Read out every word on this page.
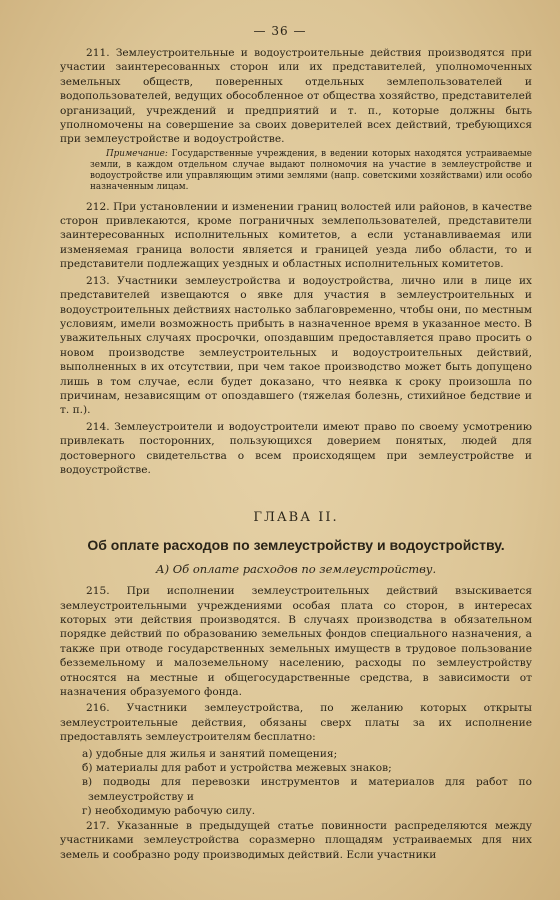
— 36 —

211. Землеустроительные и водоустроительные действия производятся при участии заинтересованных сторон или их представителей, уполномоченных земельных обществ, поверенных отдельных землепользователей и водопользователей, ведущих обособленное от общества хозяйство, представителей организаций, учреждений и предприятий и т. п., которые должны быть уполномочены на совершение за своих доверителей всех действий, требующихся при землеустройстве и водоустройстве.

Примечание: Государственные учреждения, в ведении которых находятся устраиваемые земли, в каждом отдельном случае выдают полномочия на участие в землеустройстве и водоустройстве или управляющим этими землями (напр. советскими хозяйствами) или особо назначенным лицам.

212. При установлении и изменении границ волостей или районов, в качестве сторон привлекаются, кроме пограничных землепользователей, представители заинтересованных исполнительных комитетов, а если устанавливаемая или изменяемая граница волости является и границей уезда либо области, то и представители подлежащих уездных и областных исполнительных комитетов.

213. Участники землеустройства и водоустройства, лично или в лице их представителей извещаются о явке для участия в землеустроительных и водоустроительных действиях настолько заблаговременно, чтобы они, по местным условиям, имели возможность прибыть в назначенное время в указанное место. В уважительных случаях просрочки, опоздавшим предоставляется право просить о новом производстве землеустроительных и водоустроительных действий, выполненных в их отсутствии, при чем такое производство может быть допущено лишь в том случае, если будет доказано, что неявка к сроку произошла по причинам, независящим от опоздавшего (тяжелая болезнь, стихийное бедствие и т. п.).

214. Землеустроители и водоустроители имеют право по своему усмотрению привлекать посторонних, пользующихся доверием понятых, людей для достоверного свидетельства о всем происходящем при землеустройстве и водоустройстве.

ГЛАВА II.
Об оплате расходов по землеустройству и водоустройству.
А) Об оплате расходов по землеустройству.

215. При исполнении землеустроительных действий взыскивается землеустроительными учреждениями особая плата со сторон, в интересах которых эти действия производятся. В случаях производства в обязательном порядке действий по образованию земельных фондов специального назначения, а также при отводе государственных земельных имуществ в трудовое пользование безземельному и малоземельному населению, расходы по землеустройству относятся на местные и общегосударственные средства, в зависимости от назначения образуемого фонда.

216. Участники землеустройства, по желанию которых открыты землеустроительные действия, обязаны сверх платы за их исполнение предоставлять землеустроителям бесплатно:

а) удобные для жилья и занятий помещения;

б) материалы для работ и устройства межевых знаков;

в) подводы для перевозки инструментов и материалов для работ по землеустройству и

г) необходимую рабочую силу.

217. Указанные в предыдущей статье повинности распределяются между участниками землеустройства соразмерно площадям устраиваемых для них земель и сообразно роду производимых действий. Если участники
